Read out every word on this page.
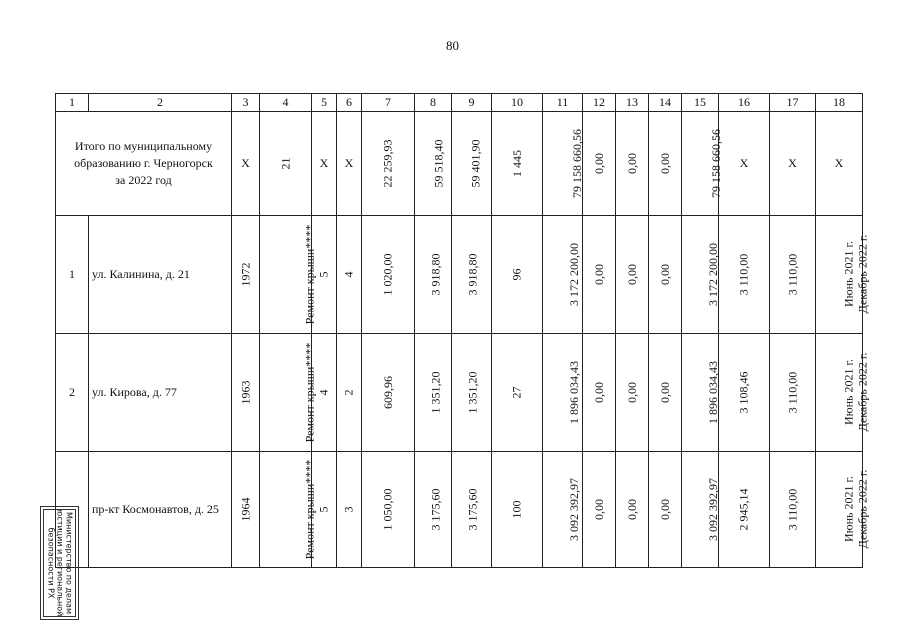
80
1	2	3	4	5	6	7	8	9	10	11	12	13	14	15	16	17	18

Итого по муниципальному
образованию г. Черногорск
за 2022 год		X	21	X	X	22 259,93	59 518,40	59 401,90	1 445	79 158 660,56	0,00	0,00	0,00	79 158 660,56	X	X	X
1	ул. Калинина, д. 21	1972	Ремонт крыши****	5	4	1 020,00	3 918,80	3 918,80	96	3 172 200,00	0,00	0,00	0,00	3 172 200,00	3 110,00	3 110,00	Июнь 2021 г.
Декабрь 2022 г.
2	ул. Кирова, д. 77	1963	Ремонт крыши****	4	2	609,96	1 351,20	1 351,20	27	1 896 034,43	0,00	0,00	0,00	1 896 034,43	3 108,46	3 110,00	Июнь 2021 г.
Декабрь 2022 г.
	пр-кт Космонавтов, д. 25	1964	Ремонт крыши****	5	3	1 050,00	3 175,60	3 175,60	100	3 092 392,97	0,00	0,00	0,00	3 092 392,97	2 945,14	3 110,00	Июнь 2021 г.
Декабрь 2022 г.
Министерство по делам
юстиции и региональной
безопасности РХ
